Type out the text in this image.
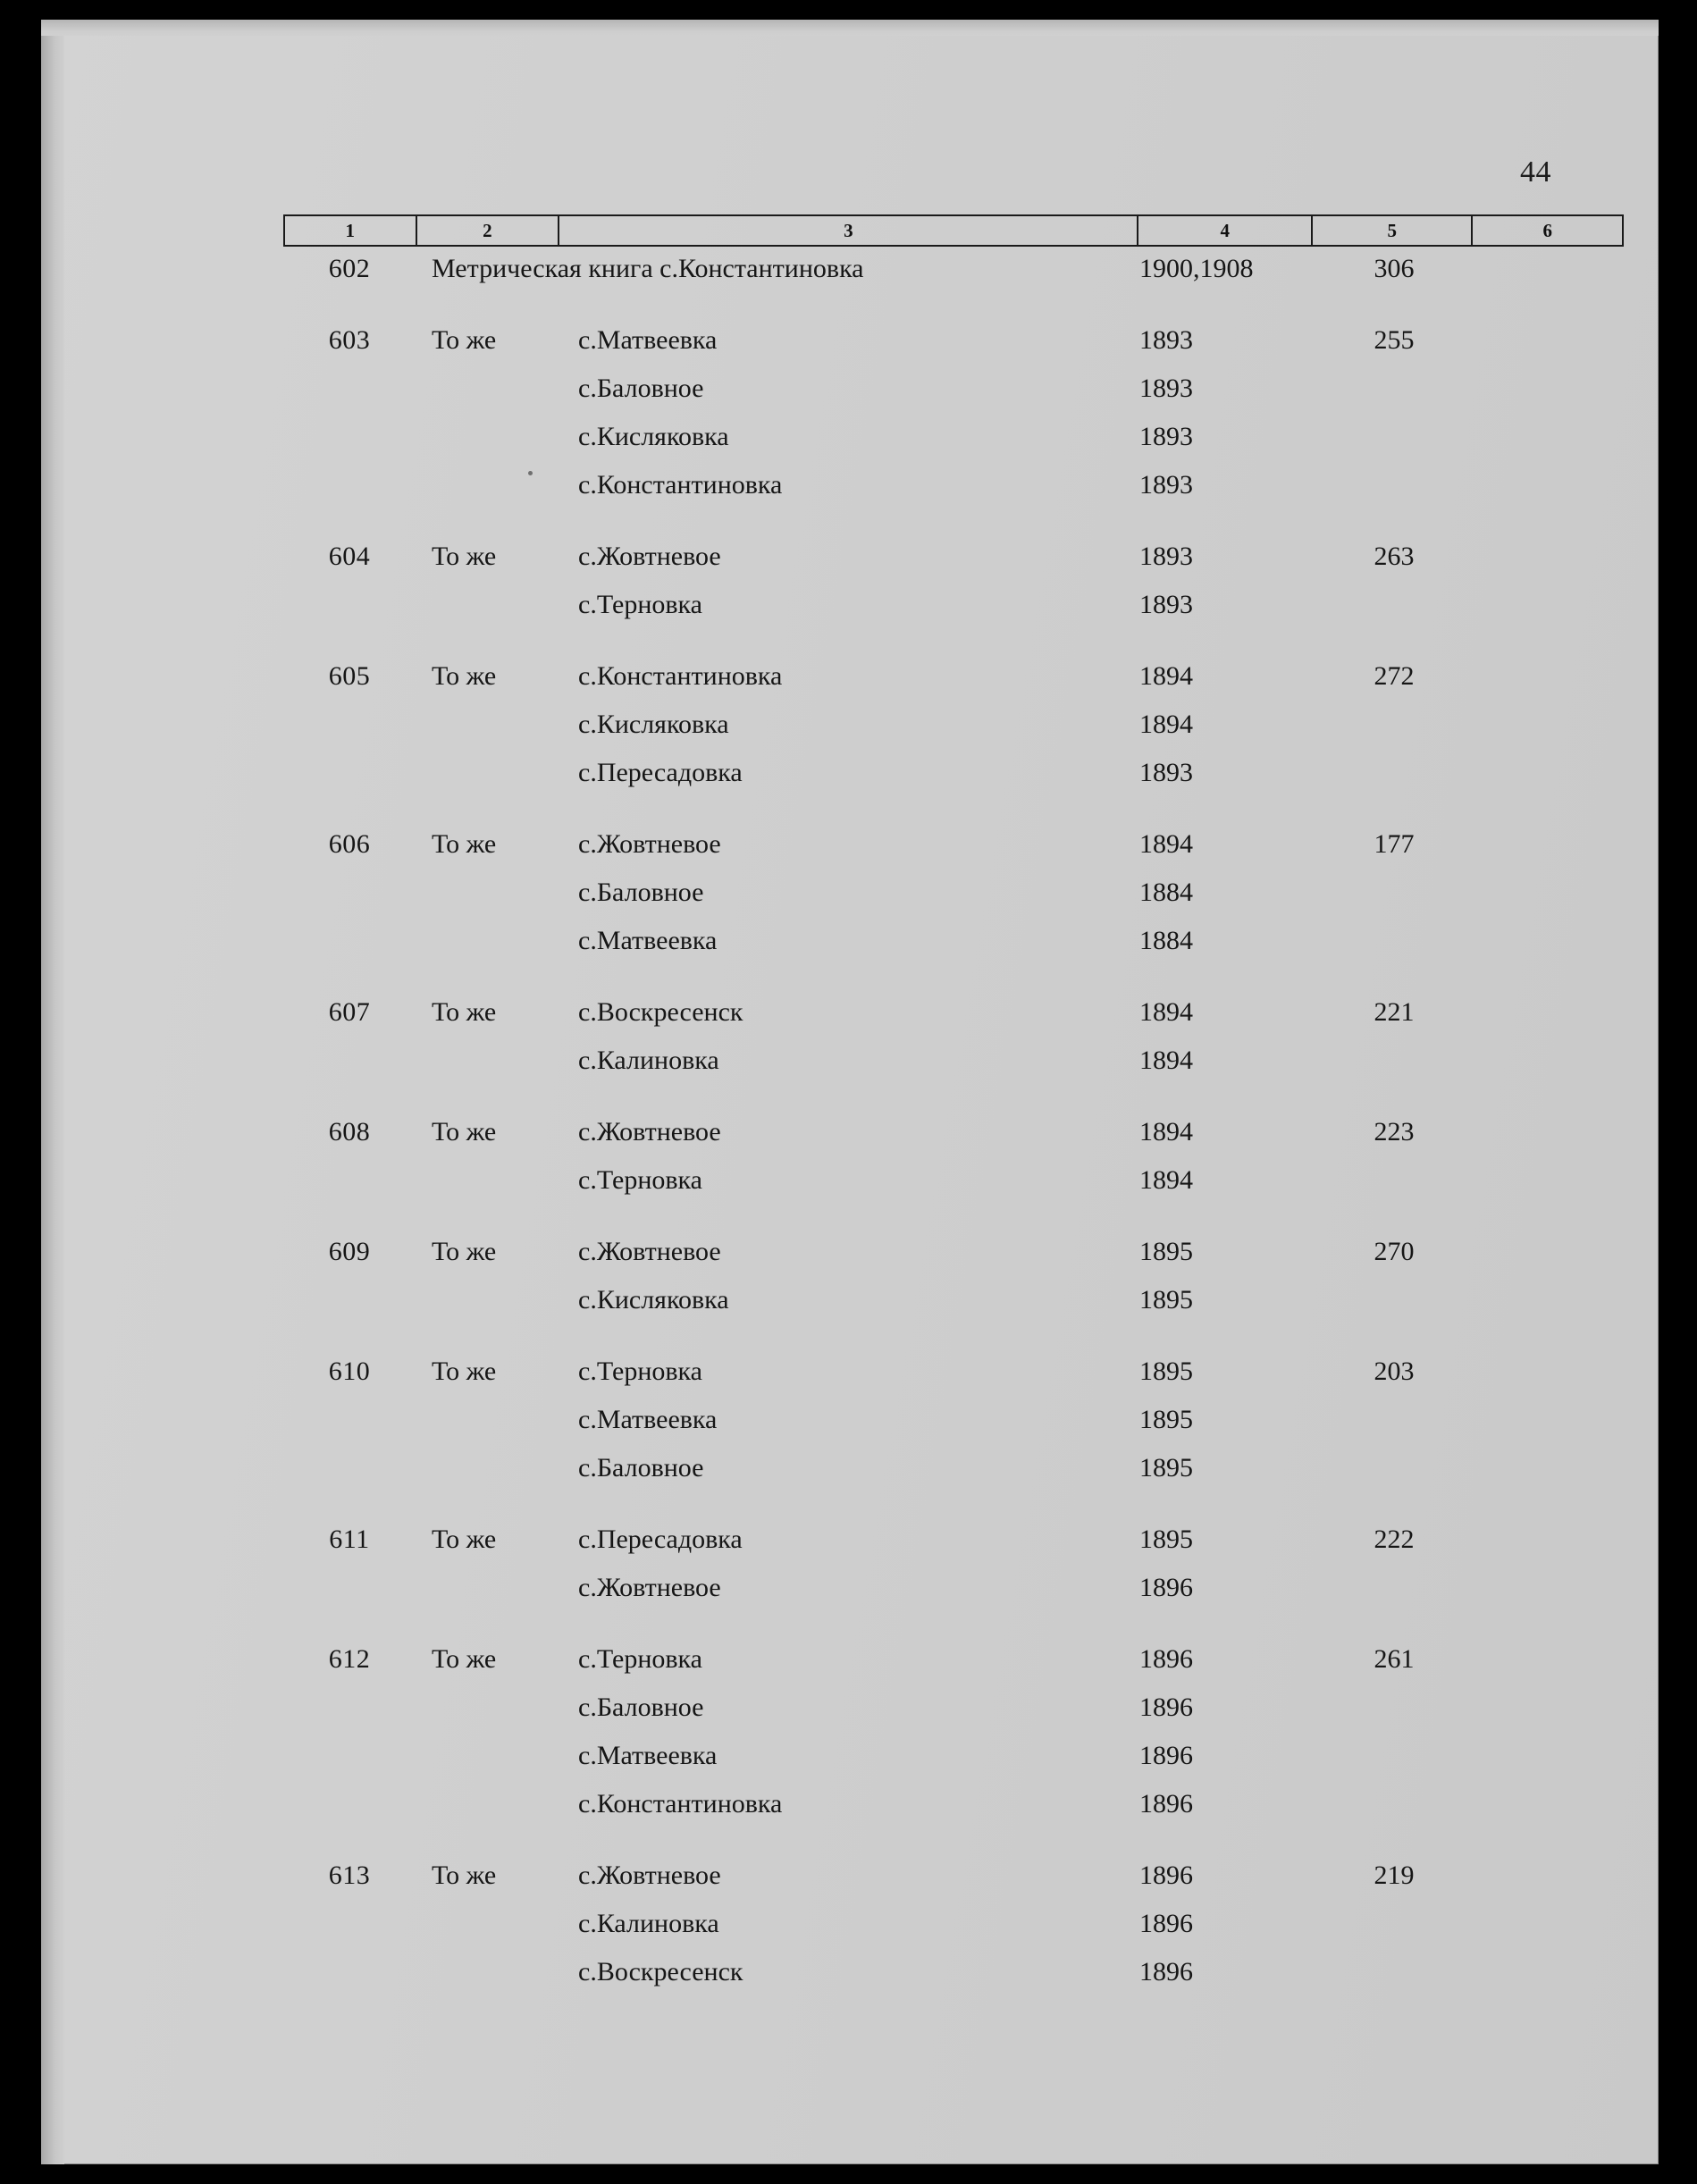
44
1	2	3	4	5	6
602	Метрическая книга с.Константиновка	1900,1908	306
603	То же	с.Матвеевка	1893	255
с.Баловное	1893
с.Кисляковка	1893
с.Константиновка	1893
604	То же	с.Жовтневое	1893	263
с.Терновка	1893
605	То же	с.Константиновка	1894	272
с.Кисляковка	1894
с.Пересадовка	1893
606	То же	с.Жовтневое	1894	177
с.Баловное	1884
с.Матвеевка	1884
607	То же	с.Воскресенск	1894	221
с.Калиновка	1894
608	То же	с.Жовтневое	1894	223
с.Терновка	1894
609	То же	с.Жовтневое	1895	270
с.Кисляковка	1895
610	То же	с.Терновка	1895	203
с.Матвеевка	1895
с.Баловное	1895
611	То же	с.Пересадовка	1895	222
с.Жовтневое	1896
612	То же	с.Терновка	1896	261
с.Баловное	1896
с.Матвеевка	1896
с.Константиновка	1896
613	То же	с.Жовтневое	1896	219
с.Калиновка	1896
с.Воскресенск	1896
